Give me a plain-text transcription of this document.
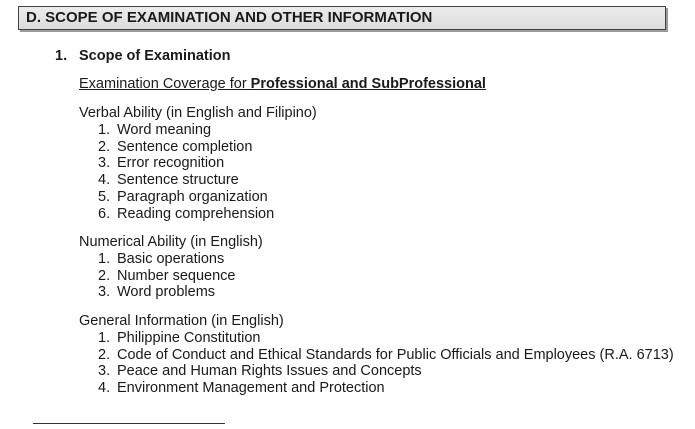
D. SCOPE OF EXAMINATION AND OTHER INFORMATION
1. Scope of Examination
Examination Coverage for Professional and SubProfessional
Verbal Ability (in English and Filipino)
1. Word meaning
2. Sentence completion
3. Error recognition
4. Sentence structure
5. Paragraph organization
6. Reading comprehension
Numerical Ability (in English)
1. Basic operations
2. Number sequence
3. Word problems
General Information (in English)
1. Philippine Constitution
2. Code of Conduct and Ethical Standards for Public Officials and Employees (R.A. 6713)
3. Peace and Human Rights Issues and Concepts
4. Environment Management and Protection
